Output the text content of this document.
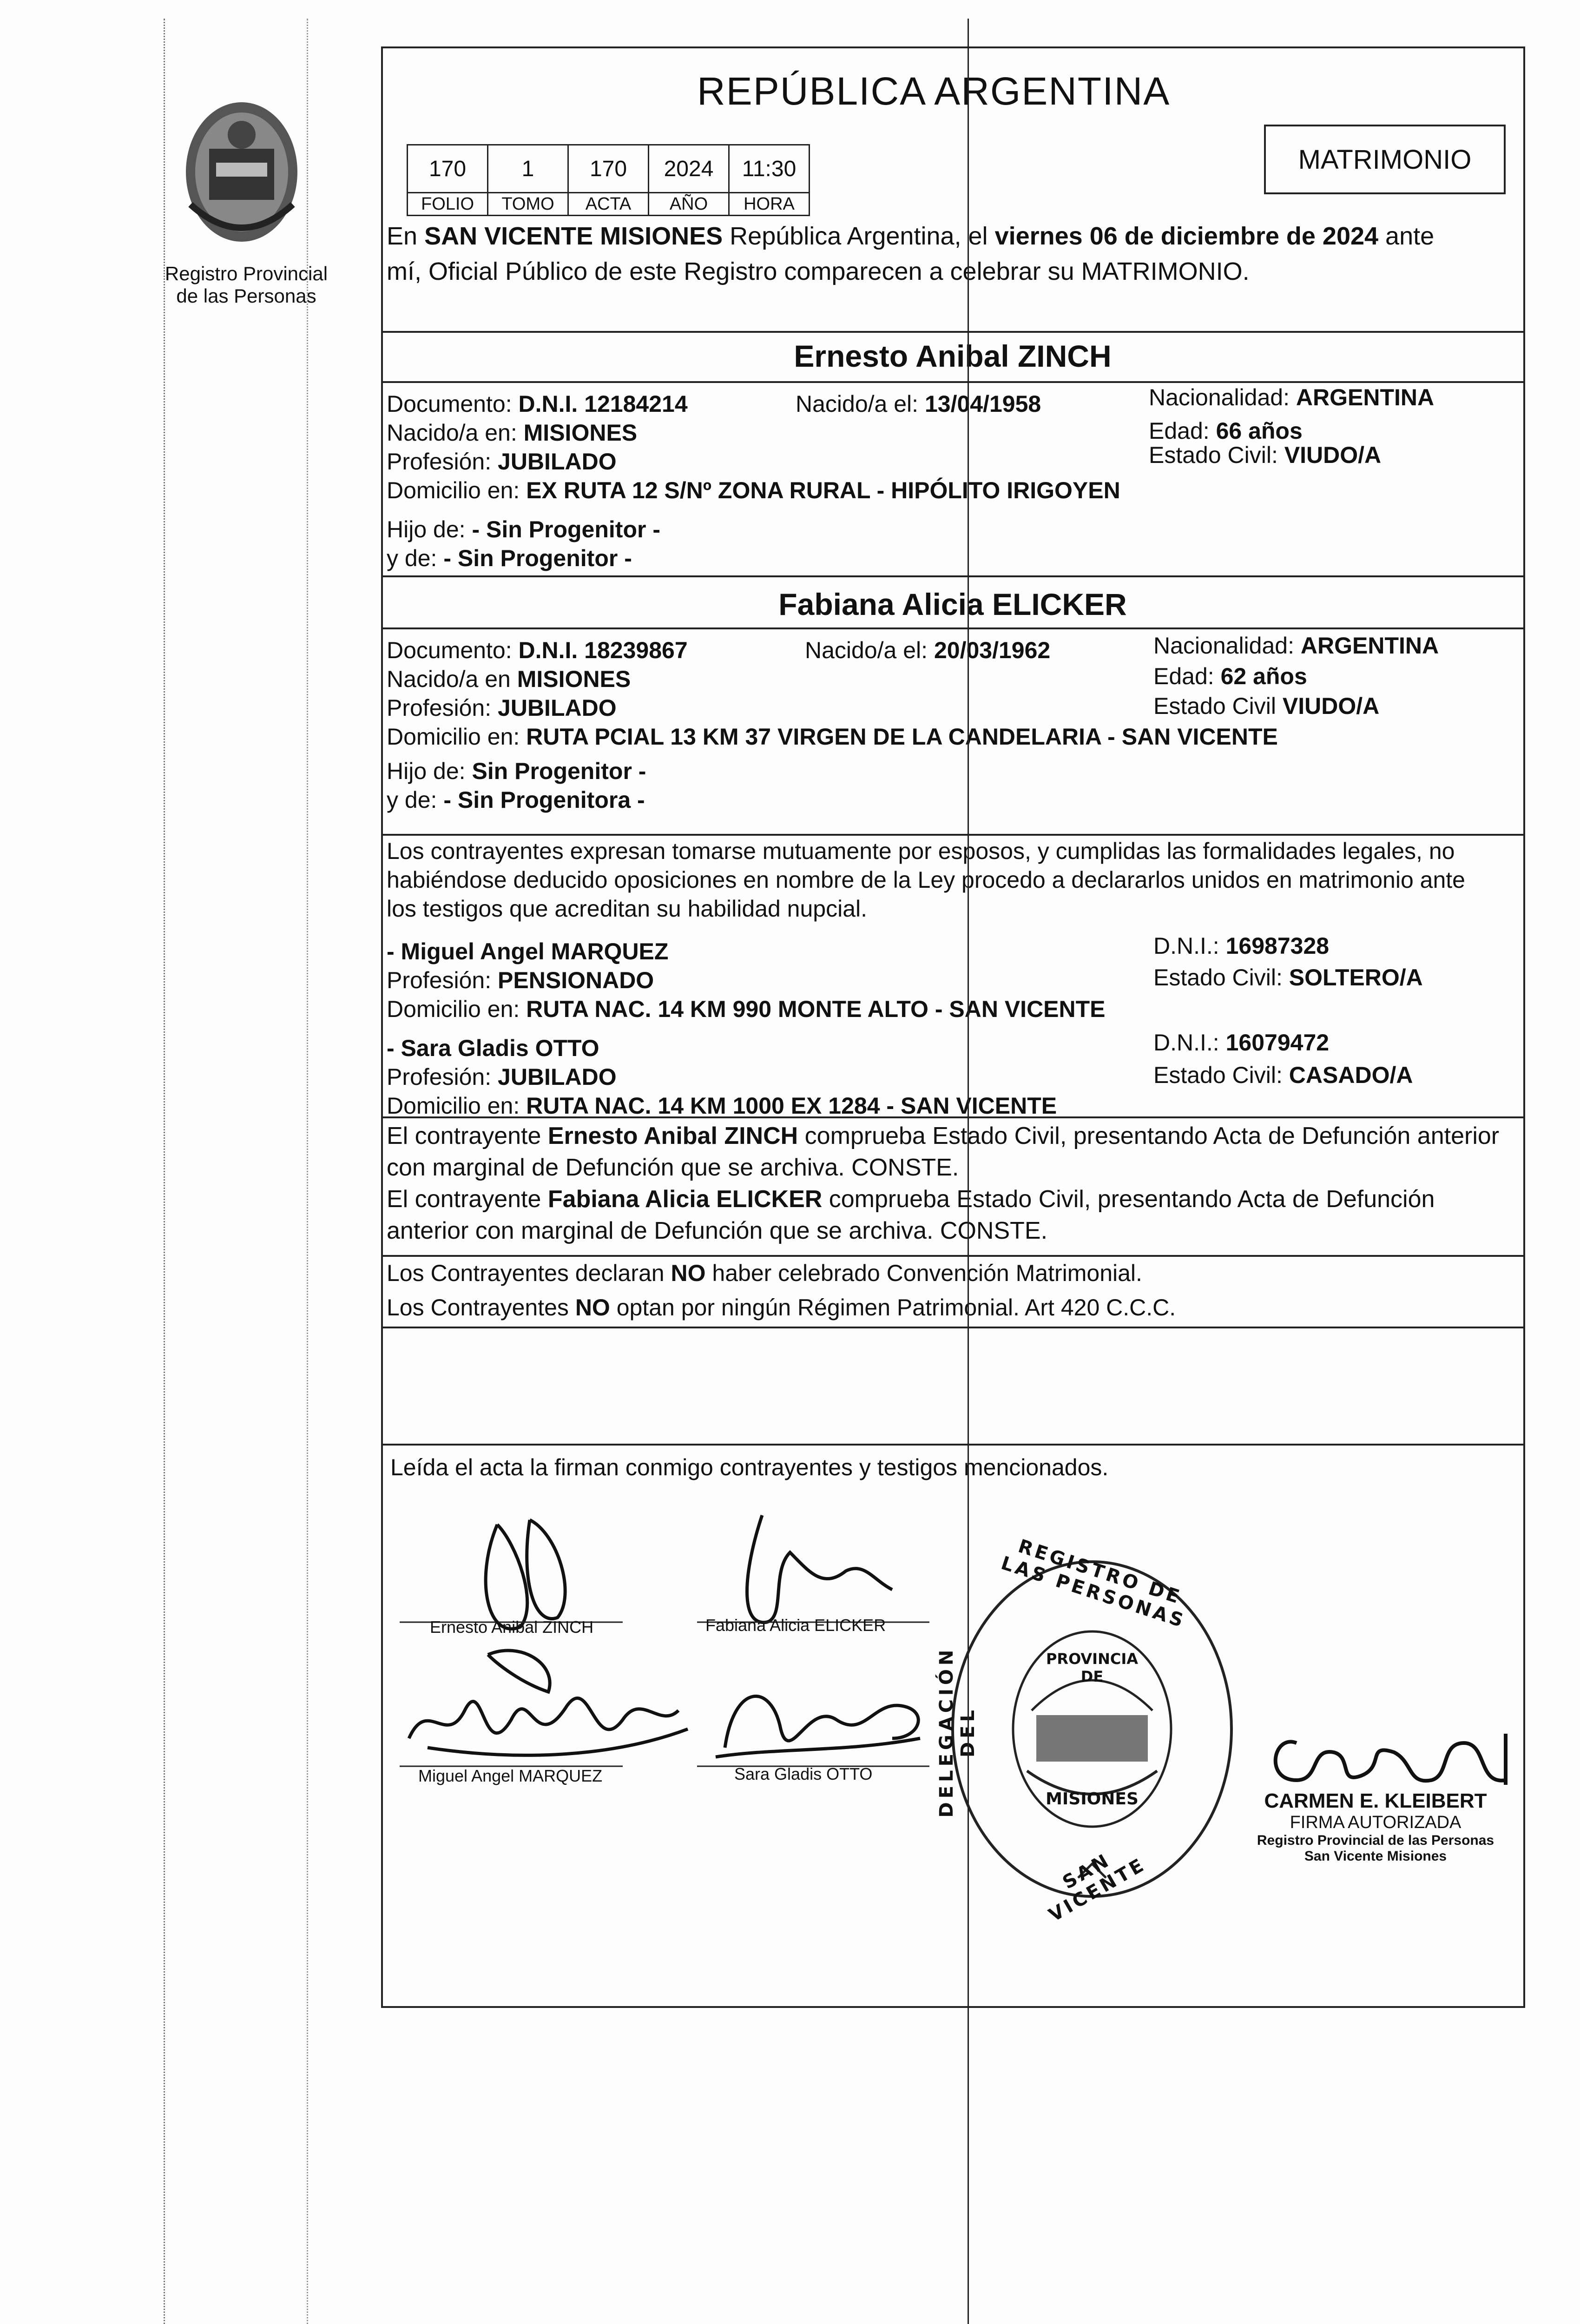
Registro Provincial
de las Personas
REPÚBLICA ARGENTINA
MATRIMONIO
170	1	170	2024	11:30
FOLIO	TOMO	ACTA	AÑO	HORA
En SAN VICENTE MISIONES República Argentina, el viernes 06 de diciembre de 2024 ante
mí, Oficial Público de este Registro comparecen a celebrar su MATRIMONIO.
Ernesto Anibal ZINCH
Documento: D.N.I. 12184214	Nacido/a el: 13/04/1958	Nacionalidad: ARGENTINA
Nacido/a en: MISIONES	Edad: 66 años
Profesión: JUBILADO	Estado Civil: VIUDO/A
Domicilio en: EX RUTA 12 S/Nº ZONA RURAL - HIPÓLITO IRIGOYEN
Hijo de: - Sin Progenitor -
y de: - Sin Progenitor -
Fabiana Alicia ELICKER
Documento: D.N.I. 18239867	Nacido/a el: 20/03/1962	Nacionalidad: ARGENTINA
Nacido/a en MISIONES	Edad: 62 años
Profesión: JUBILADO	Estado Civil VIUDO/A
Domicilio en: RUTA PCIAL 13 KM 37 VIRGEN DE LA CANDELARIA - SAN VICENTE
Hijo de: Sin Progenitor -
y de: - Sin Progenitora -
Los contrayentes expresan tomarse mutuamente por esposos, y cumplidas las formalidades legales, no
habiéndose deducido oposiciones en nombre de la Ley procedo a declararlos unidos en matrimonio ante
los testigos que acreditan su habilidad nupcial.
- Miguel Angel MARQUEZ	D.N.I.: 16987328
Profesión: PENSIONADO	Estado Civil: SOLTERO/A
Domicilio en: RUTA NAC. 14 KM 990 MONTE ALTO - SAN VICENTE
- Sara Gladis OTTO	D.N.I.: 16079472
Profesión: JUBILADO	Estado Civil: CASADO/A
Domicilio en: RUTA NAC. 14 KM 1000 EX 1284 - SAN VICENTE
El contrayente Ernesto Anibal ZINCH comprueba Estado Civil, presentando Acta de Defunción anterior
con marginal de Defunción que se archiva. CONSTE.
El contrayente Fabiana Alicia ELICKER comprueba Estado Civil, presentando Acta de Defunción
anterior con marginal de Defunción que se archiva. CONSTE.
Los Contrayentes declaran NO haber celebrado Convención Matrimonial.
Los Contrayentes NO optan por ningún Régimen Patrimonial. Art 420 C.C.C.
Leída el acta la firman conmigo contrayentes y testigos mencionados.
Ernesto Anibal ZINCH	Fabiana Alicia ELICKER
Miguel Angel MARQUEZ	Sara Gladis OTTO
REGISTRO DE LAS PERSONAS
DELEGACIÓN DEL
SAN VICENTE
PROVINCIA DE
MISIONES	CARMEN E. KLEIBERT
FIRMA AUTORIZADA
Registro Provincial de las Personas
San Vicente Misiones
